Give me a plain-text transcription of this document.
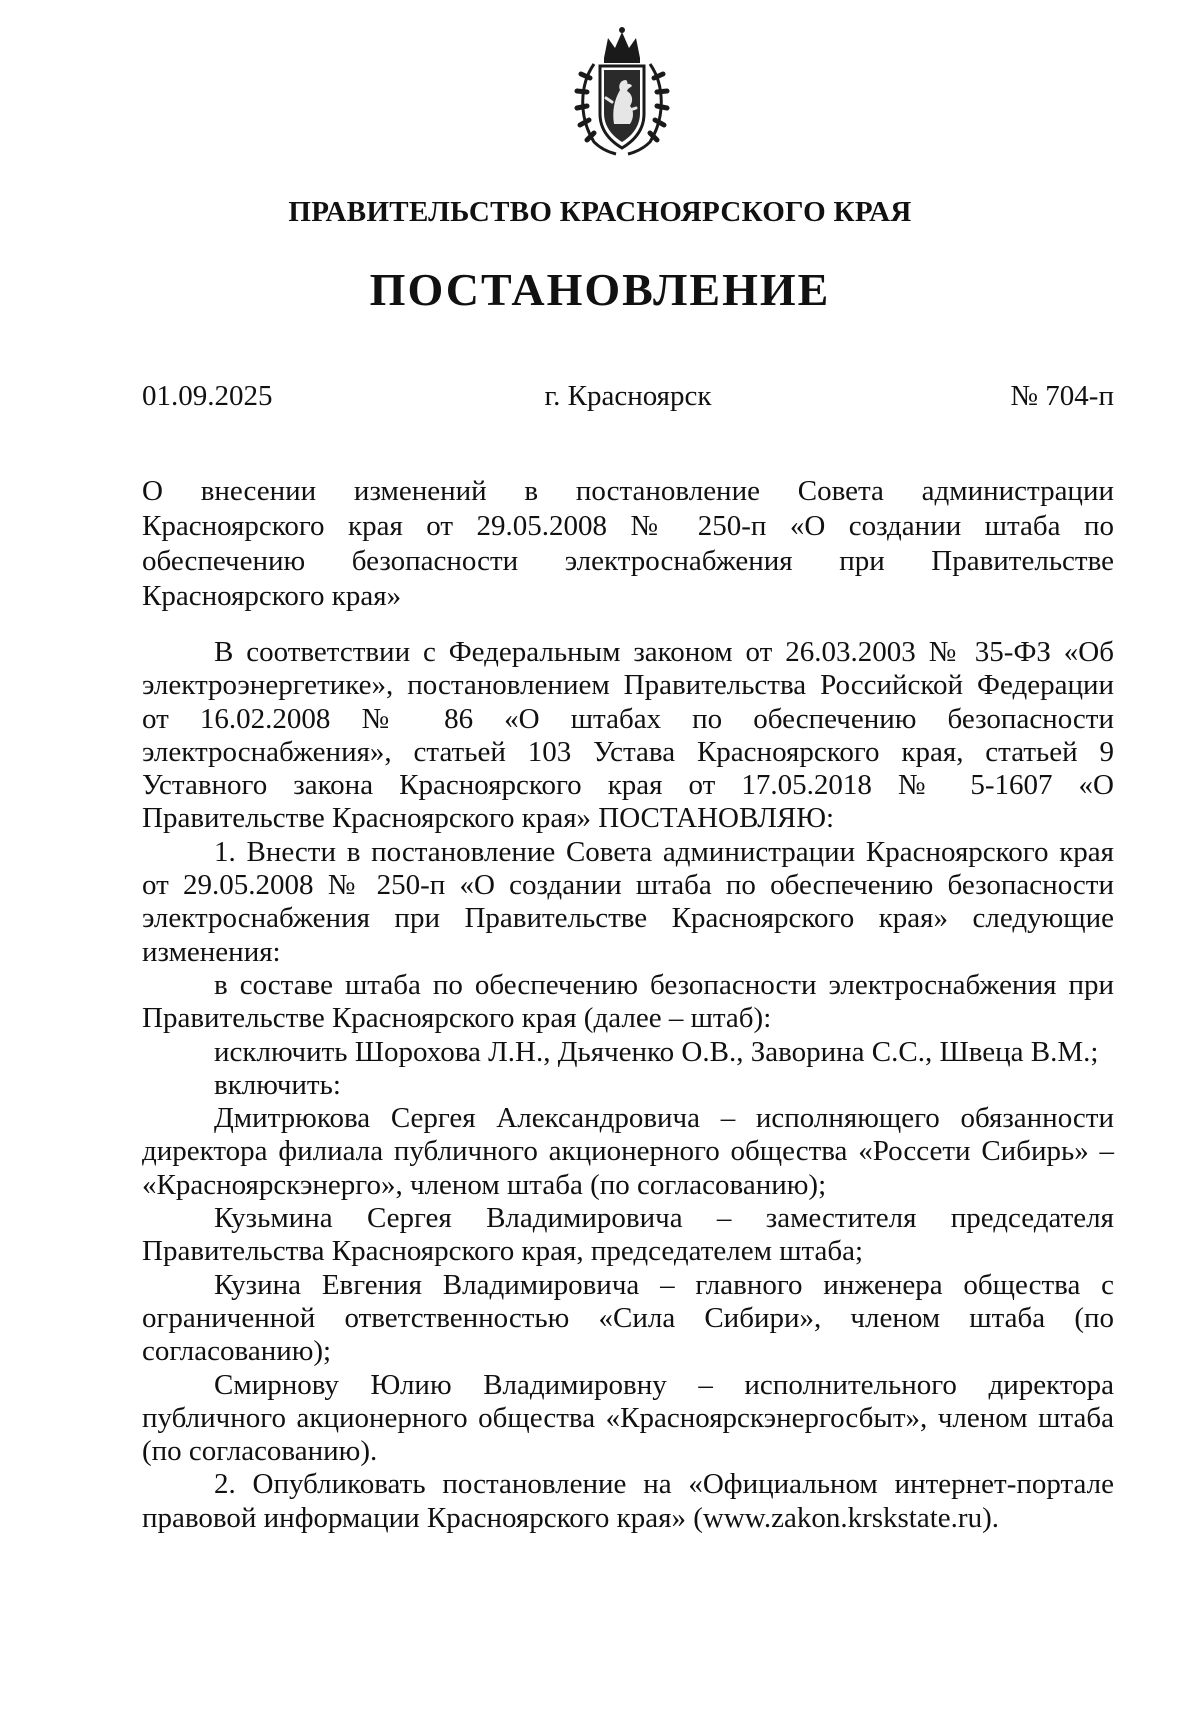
ПРАВИТЕЛЬСТВО КРАСНОЯРСКОГО КРАЯ
ПОСТАНОВЛЕНИЕ
01.09.2025	г. Красноярск	№ 704-п
О внесении изменений в постановление Совета администрации Красноярского края от 29.05.2008 № 250-п «О создании штаба по обеспечению безопасности электроснабжения при Правительстве Красноярского края»

В соответствии с Федеральным законом от 26.03.2003 № 35-ФЗ «Об электроэнергетике», постановлением Правительства Российской Федерации от 16.02.2008 № 86 «О штабах по обеспечению безопасности электроснабжения», статьей 103 Устава Красноярского края, статьей 9 Уставного закона Красноярского края от 17.05.2018 № 5-1607 «О Правительстве Красноярского края» ПОСТАНОВЛЯЮ:

1. Внести в постановление Совета администрации Красноярского края от 29.05.2008 № 250-п «О создании штаба по обеспечению безопасности электроснабжения при Правительстве Красноярского края» следующие изменения:

в составе штаба по обеспечению безопасности электроснабжения при Правительстве Красноярского края (далее – штаб):

исключить Шорохова Л.Н., Дьяченко О.В., Заворина С.С., Швеца В.М.;

включить:

Дмитрюкова Сергея Александровича – исполняющего обязанности директора филиала публичного акционерного общества «Россети Сибирь» – «Красноярскэнерго», членом штаба (по согласованию);

Кузьмина Сергея Владимировича – заместителя председателя Правительства Красноярского края, председателем штаба;

Кузина Евгения Владимировича – главного инженера общества с ограниченной ответственностью «Сила Сибири», членом штаба (по согласованию);

Смирнову Юлию Владимировну – исполнительного директора публичного акционерного общества «Красноярскэнергосбыт», членом штаба (по согласованию).

2. Опубликовать постановление на «Официальном интернет-портале правовой информации Красноярского края» (www.zakon.krskstate.ru).
